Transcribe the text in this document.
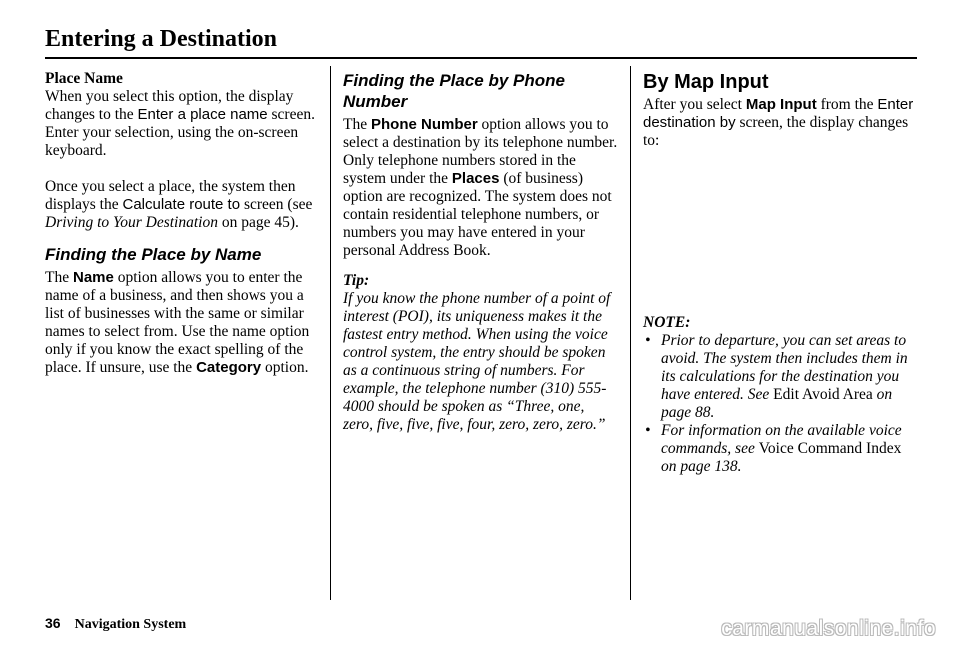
Entering a Destination
Place Name

When you select this option, the display changes to the Enter a place name screen. Enter your selection, using the on-screen keyboard.

Once you select a place, the system then displays the Calculate route to screen (see Driving to Your Destination on page 45).

Finding the Place by Name

The Name option allows you to enter the name of a business, and then shows you a list of businesses with the same or similar names to select from. Use the name option only if you know the exact spelling of the place. If unsure, use the Category option.

Finding the Place by Phone Number

The Phone Number option allows you to select a destination by its telephone number. Only telephone numbers stored in the system under the Places (of business) option are recognized. The system does not contain residential telephone numbers, or numbers you may have entered in your personal Address Book.

Tip:

If you know the phone number of a point of interest (POI), its uniqueness makes it the fastest entry method. When using the voice control system, the entry should be spoken as a continuous string of numbers. For example, the telephone number (310) 555-4000 should be spoken as “Three, one, zero, five, five, five, four, zero, zero, zero.”

By Map Input

After you select Map Input from the Enter destination by screen, the display changes to:

NOTE:

• Prior to departure, you can set areas to avoid. The system then includes them in its calculations for the destination you have entered. See Edit Avoid Area on page 88.
• For information on the available voice commands, see Voice Command Index on page 138.
36 Navigation System	carmanualsonline.info
